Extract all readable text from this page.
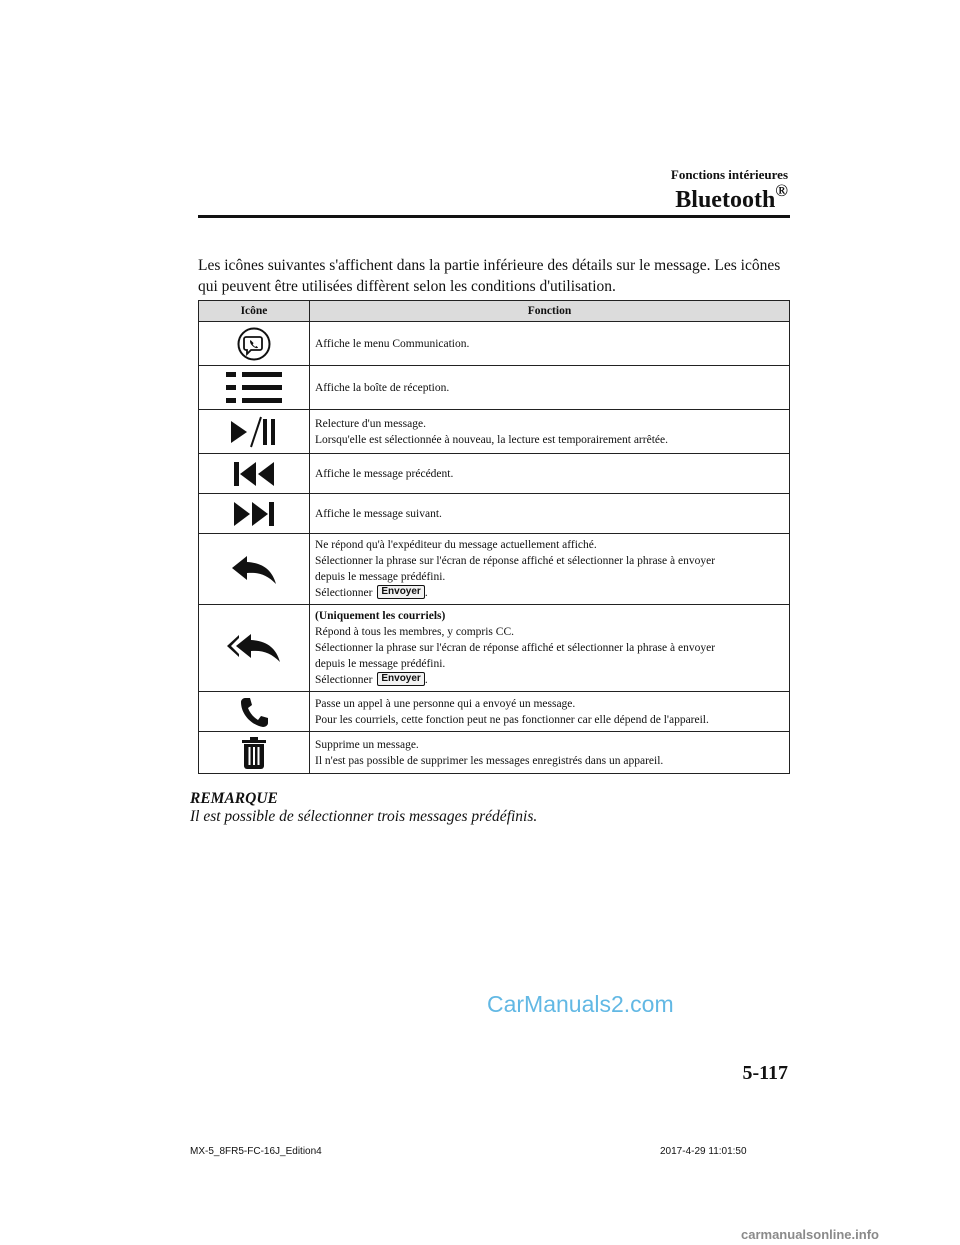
Fonctions intérieures
Bluetooth®
Les icônes suivantes s'affichent dans la partie inférieure des détails sur le message. Les icônes qui peuvent être utilisées diffèrent selon les conditions d'utilisation.
Icône	Fonction

Affiche le menu Communication.

Affiche la boîte de réception.

Relecture d'un message.
Lorsqu'elle est sélectionnée à nouveau, la lecture est temporairement arrêtée.

Affiche le message précédent.

Affiche le message suivant.

Ne répond qu'à l'expéditeur du message actuellement affiché.
Sélectionner la phrase sur l'écran de réponse affiché et sélectionner la phrase à envoyer
depuis le message prédéfini.
Sélectionner Envoyer .

(Uniquement les courriels)
Répond à tous les membres, y compris CC.
Sélectionner la phrase sur l'écran de réponse affiché et sélectionner la phrase à envoyer
depuis le message prédéfini.
Sélectionner Envoyer .

Passe un appel à une personne qui a envoyé un message.
Pour les courriels, cette fonction peut ne pas fonctionner car elle dépend de l'appareil.

Supprime un message.
Il n'est pas possible de supprimer les messages enregistrés dans un appareil.
REMARQUE
Il est possible de sélectionner trois messages prédéfinis.
CarManuals2.com
5-117
MX-5_8FR5-FC-16J_Edition4	2017-4-29 11:01:50
carmanualsonline.info
